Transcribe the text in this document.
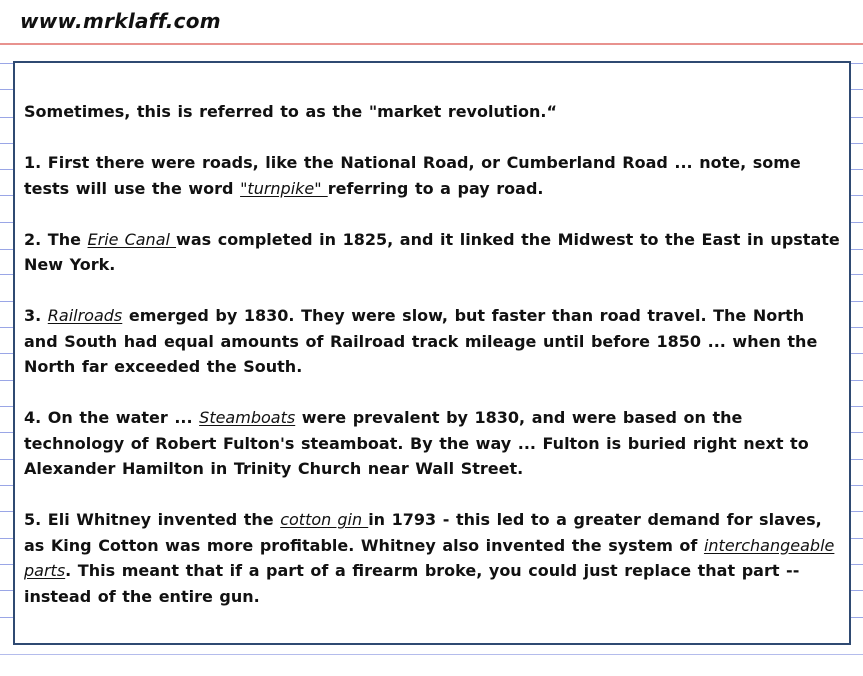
www.mrklaff.com

Sometimes, this is referred to as the "market revolution.“

1. First there were roads, like the National Road, or Cumberland Road ... note, some tests will use the word "turnpike" referring to a pay road.

2. The Erie Canal was completed in 1825, and it linked the Midwest to the East in upstate New York.

3. Railroads emerged by 1830. They were slow, but faster than road travel. The North and South had equal amounts of Railroad track mileage until before 1850 ... when the North far exceeded the South.

4. On the water ... Steamboats were prevalent by 1830, and were based on the technology of Robert Fulton's steamboat. By the way ... Fulton is buried right next to Alexander Hamilton in Trinity Church near Wall Street.

5. Eli Whitney invented the cotton gin in 1793 - this led to a greater demand for slaves, as King Cotton was more profitable. Whitney also invented the system of interchangeable parts. This meant that if a part of a firearm broke, you could just replace that part -- instead of the entire gun.
